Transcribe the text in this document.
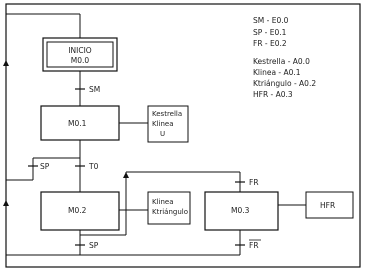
SM - E0.0
SP - E0.1
FR - E0.2
Kestrella - A0.0
Klinea - A0.1
Ktriángulo - A0.2
HFR - A0.3
INICIO
M0.0
SM
M0.1
Kestrella
Klinea
U
SP	T0
M0.2
Klinea
Ktriángulo
FR
M0.3
HFR
SP	FR
